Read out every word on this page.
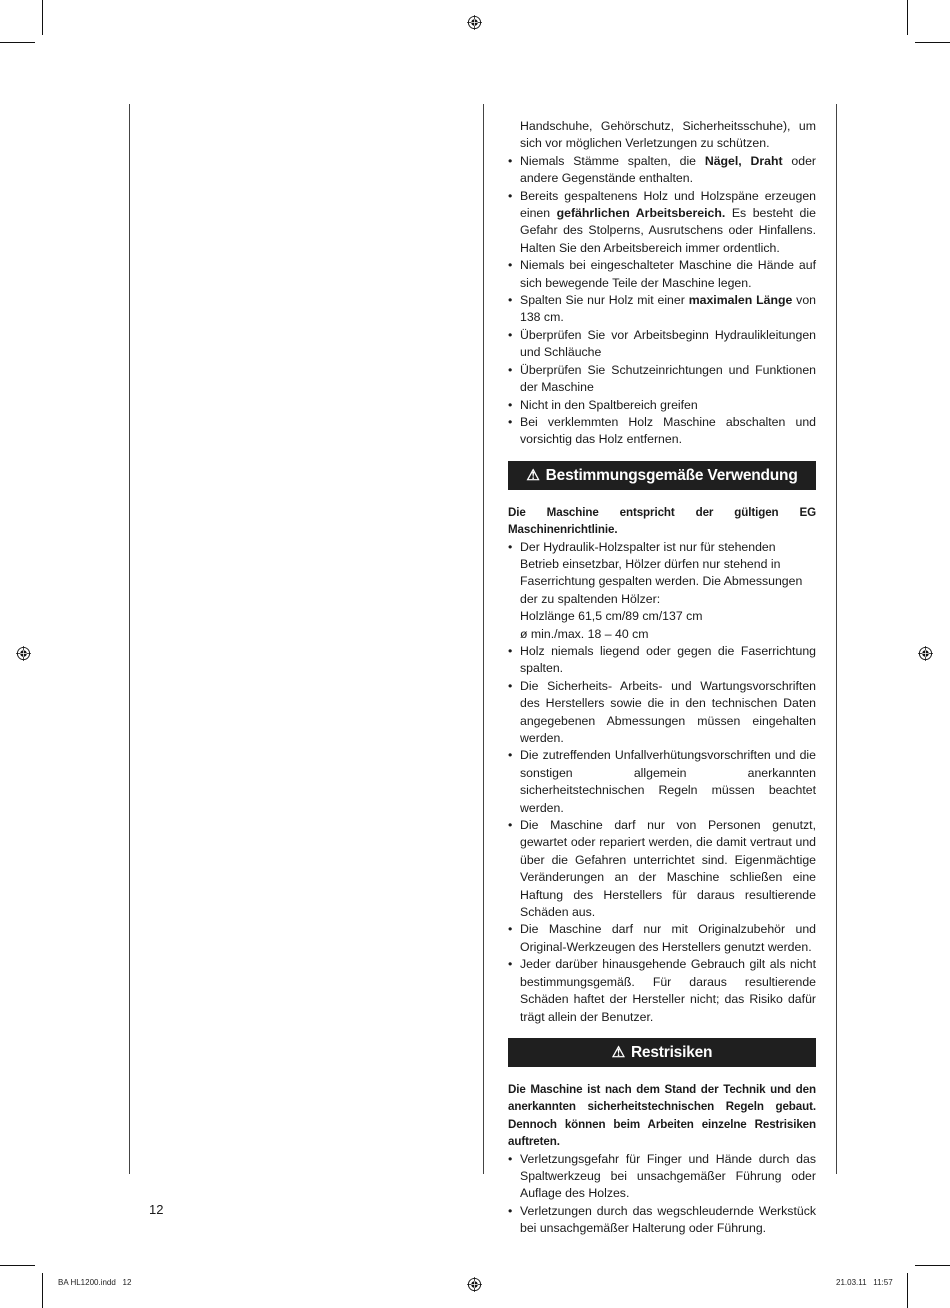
Handschuhe, Gehörschutz, Sicherheitsschuhe), um sich vor möglichen Verletzungen zu schützen.

• Niemals Stämme spalten, die Nägel, Draht oder andere Gegenstände enthalten.

• Bereits gespaltenens Holz und Holzspäne erzeugen einen gefährlichen Arbeitsbereich. Es besteht die Gefahr des Stolperns, Ausrutschens oder Hinfallens. Halten Sie den Arbeitsbereich immer ordentlich.

• Niemals bei eingeschalteter Maschine die Hände auf sich bewegende Teile der Maschine legen.

• Spalten Sie nur Holz mit einer maximalen Länge von 138 cm.

• Überprüfen Sie vor Arbeitsbeginn Hydraulikleitungen und Schläuche

• Überprüfen Sie Schutzeinrichtungen und Funktionen der Maschine

• Nicht in den Spaltbereich greifen

• Bei verklemmten Holz Maschine abschalten und vorsichtig das Holz entfernen.

⚠ Bestimmungsgemäße Verwendung

Die Maschine entspricht der gültigen EG Maschinenrichtlinie.

• Der Hydraulik-Holzspalter ist nur für stehenden Betrieb einsetzbar, Hölzer dürfen nur stehend in Faserrichtung gespalten werden. Die Abmessungen der zu spaltenden Hölzer:
Holzlänge 61,5 cm/89 cm/137 cm
ø min./max. 18 – 40 cm

• Holz niemals liegend oder gegen die Faserrichtung spalten.

• Die Sicherheits- Arbeits- und Wartungsvorschriften des Herstellers sowie die in den technischen Daten angegebenen Abmessungen müssen eingehalten werden.

• Die zutreffenden Unfallverhütungsvorschriften und die sonstigen allgemein anerkannten sicherheitstechnischen Regeln müssen beachtet werden.

• Die Maschine darf nur von Personen genutzt, gewartet oder repariert werden, die damit vertraut und über die Gefahren unterrichtet sind. Eigenmächtige Veränderungen an der Maschine schließen eine Haftung des Herstellers für daraus resultierende Schäden aus.

• Die Maschine darf nur mit Originalzubehör und Original-Werkzeugen des Herstellers genutzt werden.

• Jeder darüber hinausgehende Gebrauch gilt als nicht bestimmungsgemäß. Für daraus resultierende Schäden haftet der Hersteller nicht; das Risiko dafür trägt allein der Benutzer.

⚠ Restrisiken

Die Maschine ist nach dem Stand der Technik und den anerkannten sicherheitstechnischen Regeln gebaut. Dennoch können beim Arbeiten einzelne Restrisiken auftreten.

• Verletzungsgefahr für Finger und Hände durch das Spaltwerkzeug bei unsachgemäßer Führung oder Auflage des Holzes.

• Verletzungen durch das wegschleudernde Werkstück bei unsachgemäßer Halterung oder Führung.

12
BA HL1200.indd   12	21.03.11   11:57
